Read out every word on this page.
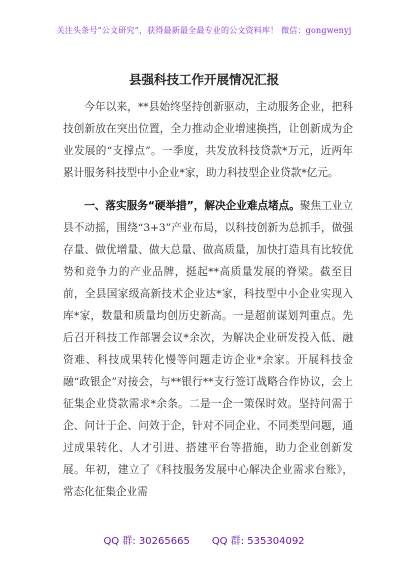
关注头条号“公文研究”，获得最新最全最专业的公文资料库！ 微信：gongwenyj
县强科技工作开展情况汇报

今年以来，**县始终坚持创新驱动，主动服务企业，把科技创新放在突出位置，全力推动企业增速换挡，让创新成为企业发展的“支撑点”。一季度，共发放科技贷款*万元，近两年累计服务科技型中小企业*家，助力科技型企业贷款*亿元。

一、落实服务“硬举措”，解决企业难点堵点。聚焦工业立县不动摇，围绕“3+3”产业布局，以科技创新为总抓手，做强存量、做优增量、做大总量、做高质量，加快打造具有比较优势和竞争力的产业品牌，挺起**高质量发展的脊梁。截至目前，全县国家级高新技术企业达*家，科技型中小企业实现入库*家，数量和质量均创历史新高。一是超前谋划判重点。先后召开科技工作部署会议*余次，为解决企业研发投入低、融资难、科技成果转化慢等问题走访企业*余家。开展科技金融“政银企”对接会，与**银行**支行签订战略合作协议，会上征集企业贷款需求*余条。二是一企一策保时效。坚持问需于企、问计于企、问效于企，针对不同企业、不同类型问题，通过成果转化、人才引进、搭建平台等措施，助力企业创新发展。年初，建立了《科技服务发展中心解决企业需求台账》，常态化征集企业需

QQ 群: 30265665 QQ 群: 535304092
